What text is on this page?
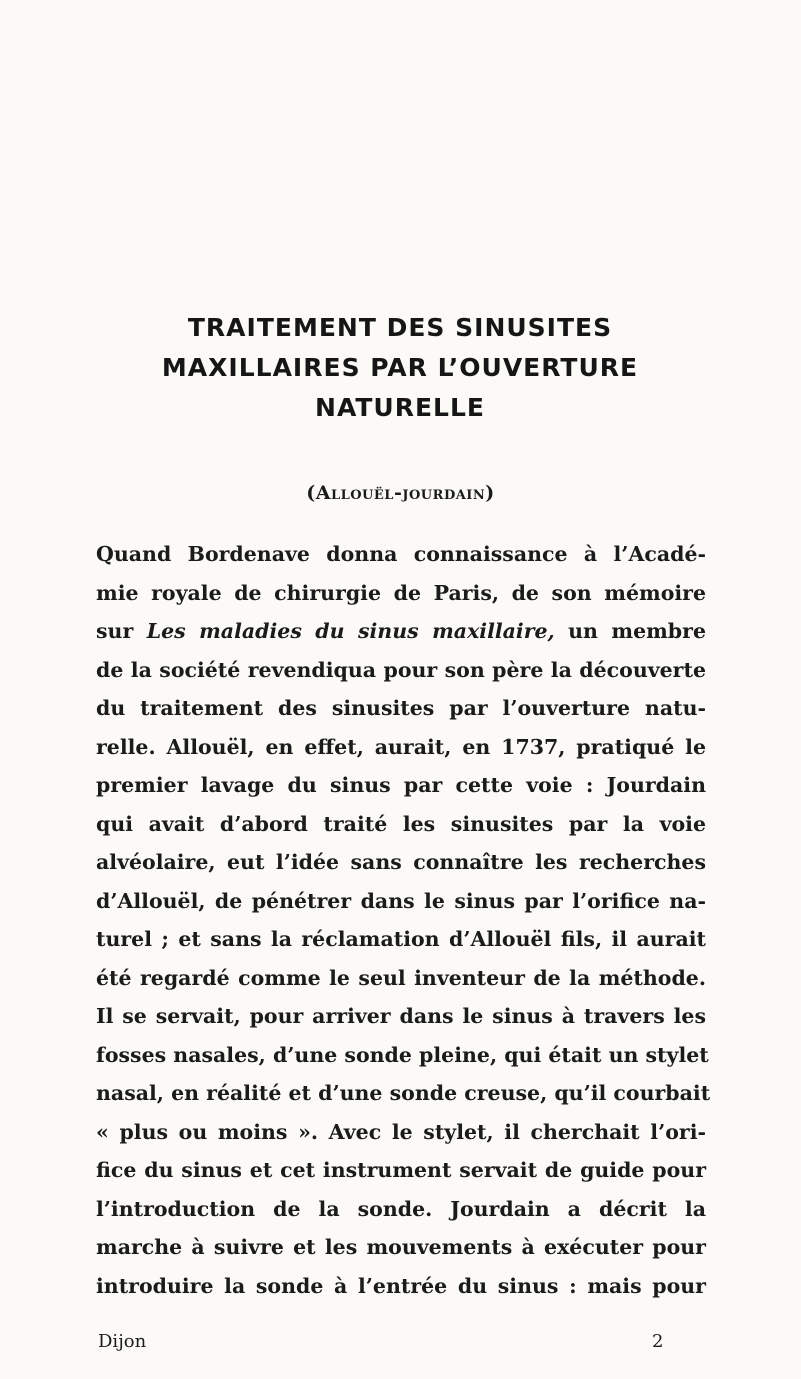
TRAITEMENT DES SINUSITES
MAXILLAIRES PAR L’OUVERTURE
NATURELLE
(Allouël-jourdain)
Quand Bordenave donna connaissance à l’Acadé-
mie royale de chirurgie de Paris, de son mémoire
sur Les maladies du sinus maxillaire, un membre
de la société revendiqua pour son père la découverte
du traitement des sinusites par l’ouverture natu-
relle. Allouël, en effet, aurait, en 1737, pratiqué le
premier lavage du sinus par cette voie : Jourdain
qui avait d’abord traité les sinusites par la voie
alvéolaire, eut l’idée sans connaître les recherches
d’Allouël, de pénétrer dans le sinus par l’orifice na-
turel ; et sans la réclamation d’Allouël fils, il aurait
été regardé comme le seul inventeur de la méthode.
Il se servait, pour arriver dans le sinus à travers les
fosses nasales, d’une sonde pleine, qui était un stylet
nasal, en réalité et d’une sonde creuse, qu’il courbait
« plus ou moins ». Avec le stylet, il cherchait l’ori-
fice du sinus et cet instrument servait de guide pour
l’introduction de la sonde. Jourdain a décrit la
marche à suivre et les mouvements à exécuter pour
introduire la sonde à l’entrée du sinus : mais pour
Dijon	2
